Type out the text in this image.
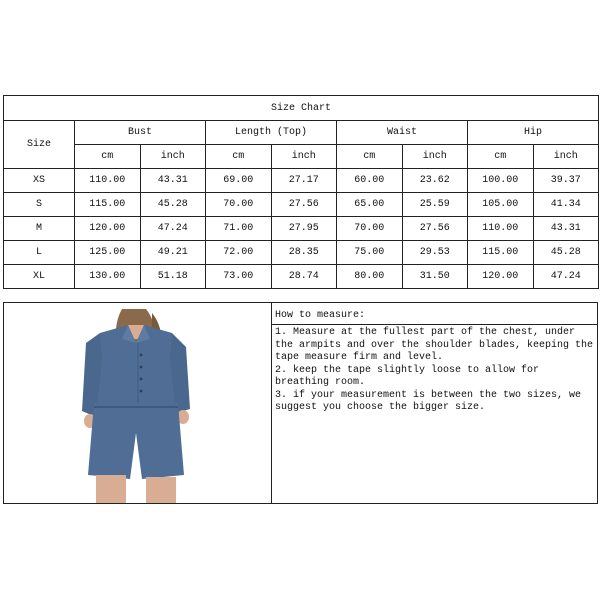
Size Chart								
Size	Bust		Length (Top)		Waist		Hip	
	cm	inch	cm	inch	cm	inch	cm	inch
XS	110.00	43.31	69.00	27.17	60.00	23.62	100.00	39.37
S	115.00	45.28	70.00	27.56	65.00	25.59	105.00	41.34
M	120.00	47.24	71.00	27.95	70.00	27.56	110.00	43.31
L	125.00	49.21	72.00	28.35	75.00	29.53	115.00	45.28
XL	130.00	51.18	73.00	28.74	80.00	31.50	120.00	47.24
How to measure:

1. Measure at the fullest part of the chest, under the armpits and over the shoulder blades, keeping the tape measure firm and level.

2. keep the tape slightly loose to allow for breathing room.

3. if your measurement is between the two sizes, we suggest you choose the bigger size.
